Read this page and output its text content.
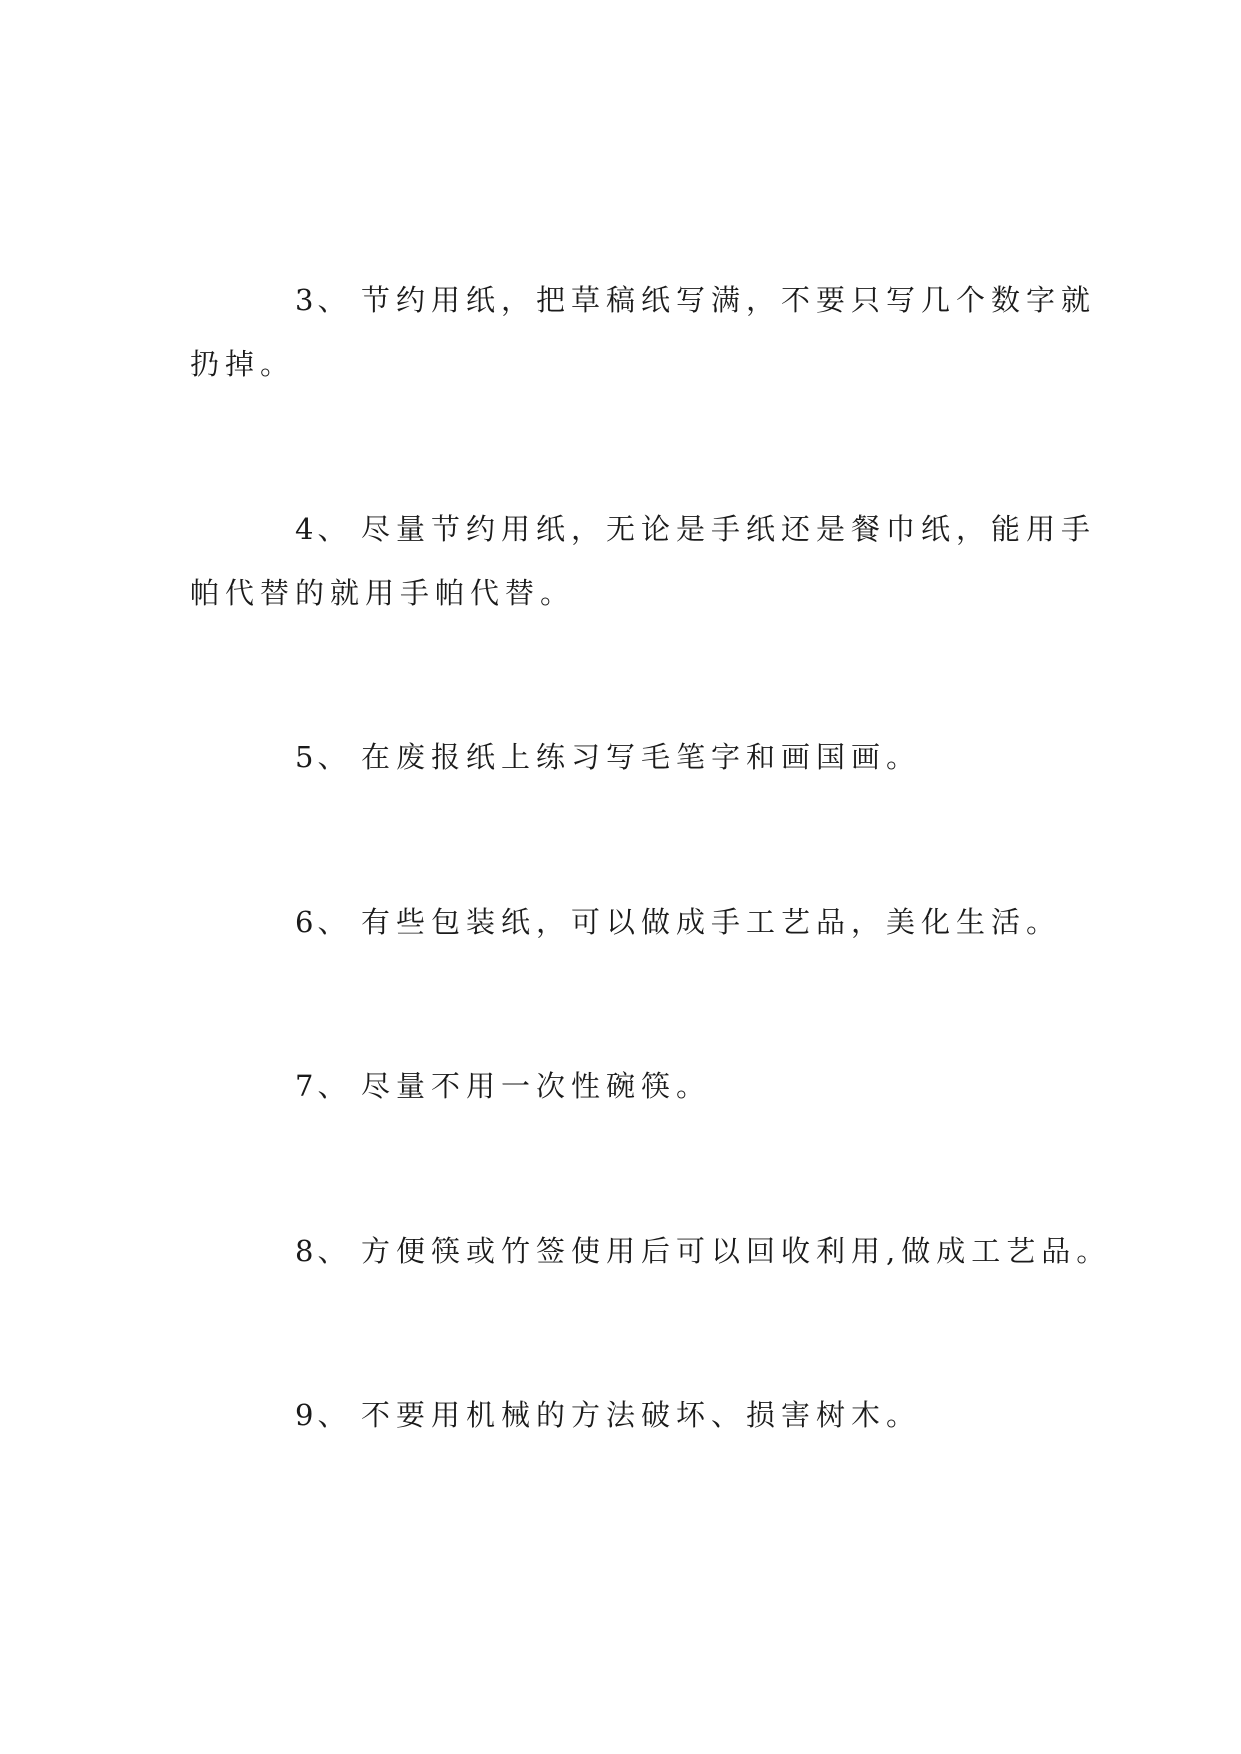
3、 节约用纸，把草稿纸写满，不要只写几个数字就
扔掉。
4、 尽量节约用纸，无论是手纸还是餐巾纸，能用手
帕代替的就用手帕代替。
5、 在废报纸上练习写毛笔字和画国画。
6、 有些包装纸，可以做成手工艺品，美化生活。
7、 尽量不用一次性碗筷。
8、 方便筷或竹签使用后可以回收利用,做成工艺品。
9、 不要用机械的方法破坏、损害树木。
